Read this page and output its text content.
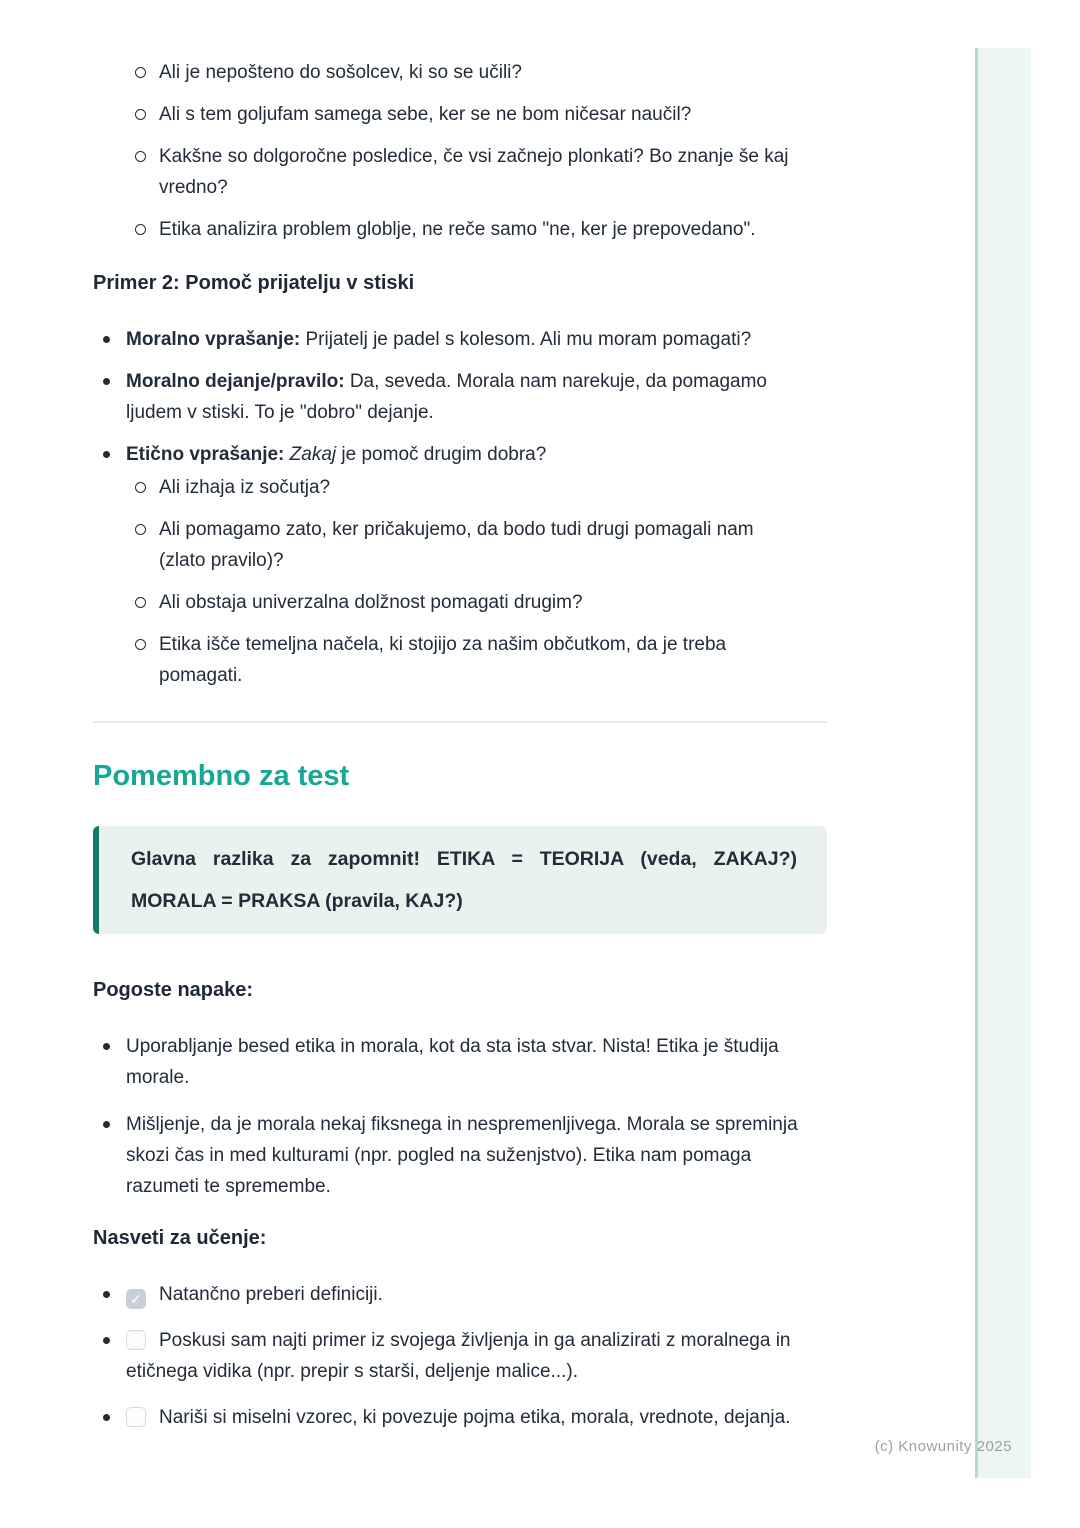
(c) Knowunity 2025
Ali je nepošteno do sošolcev, ki so se učili?
Ali s tem goljufam samega sebe, ker se ne bom ničesar naučil?
Kakšne so dolgoročne posledice, če vsi začnejo plonkati? Bo znanje še kaj vredno?
Etika analizira problem globlje, ne reče samo "ne, ker je prepovedano".
Primer 2: Pomoč prijatelju v stiski
Moralno vprašanje: Prijatelj je padel s kolesom. Ali mu moram pomagati?
Moralno dejanje/pravilo: Da, seveda. Morala nam narekuje, da pomagamo ljudem v stiski. To je "dobro" dejanje.
Etično vprašanje: Zakaj je pomoč drugim dobra?
Ali izhaja iz sočutja?
Ali pomagamo zato, ker pričakujemo, da bodo tudi drugi pomagali nam (zlato pravilo)?
Ali obstaja univerzalna dolžnost pomagati drugim?
Etika išče temeljna načela, ki stojijo za našim občutkom, da je treba pomagati.
Pomembno za test
Glavna razlika za zapomnit! ETIKA = TEORIJA (veda, ZAKAJ?)
MORALA = PRAKSA (pravila, KAJ?)
Pogoste napake:
Uporabljanje besed etika in morala, kot da sta ista stvar. Nista! Etika je študija morale.
Mišljenje, da je morala nekaj fiksnega in nespremenljivega. Morala se spreminja skozi čas in med kulturami (npr. pogled na suženjstvo). Etika nam pomaga razumeti te spremembe.
Nasveti za učenje:
✓Natančno preberi definiciji.
Poskusi sam najti primer iz svojega življenja in ga analizirati z moralnega in etičnega vidika (npr. prepir s starši, deljenje malice...).
Nariši si miselni vzorec, ki povezuje pojma etika, morala, vrednote, dejanja.
